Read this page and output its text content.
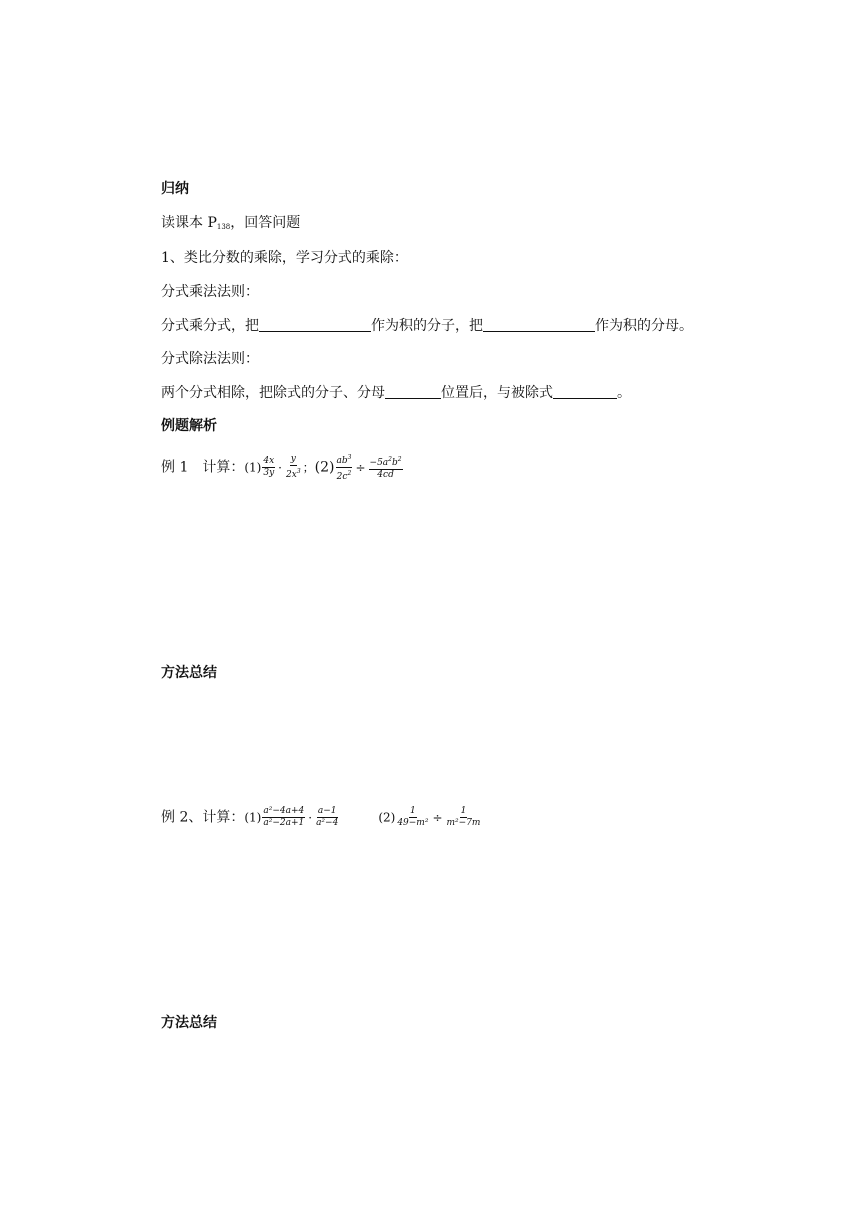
归纳
读课本 $P_{138}$，回答问题
1、类比分数的乘除，学习分式的乘除：
分式乘法法则：
分式乘分式，把	作为积的分子，把	作为积的分母。
分式除法法则：
两个分式相除，把除式的分子、分母	位置后，与被除式	。
例题解析
例 1　计算：$(1) \frac{4x}{3y} \cdot \frac{y}{2x^3}$ ；$(2) \frac{ab^3}{2c^2} \div \frac{-5a^2b^2}{4cd}$
方法总结
例 2、计算：$(1) \frac{\text{a²−4a+4}}{\text{a²−2a+1}} \cdot \frac{a-1}{\text{a²−4}}$	$(2) \frac{1}{\text{49−m²}} \div \frac{1}{\text{m²−7m}}$
方法总结
